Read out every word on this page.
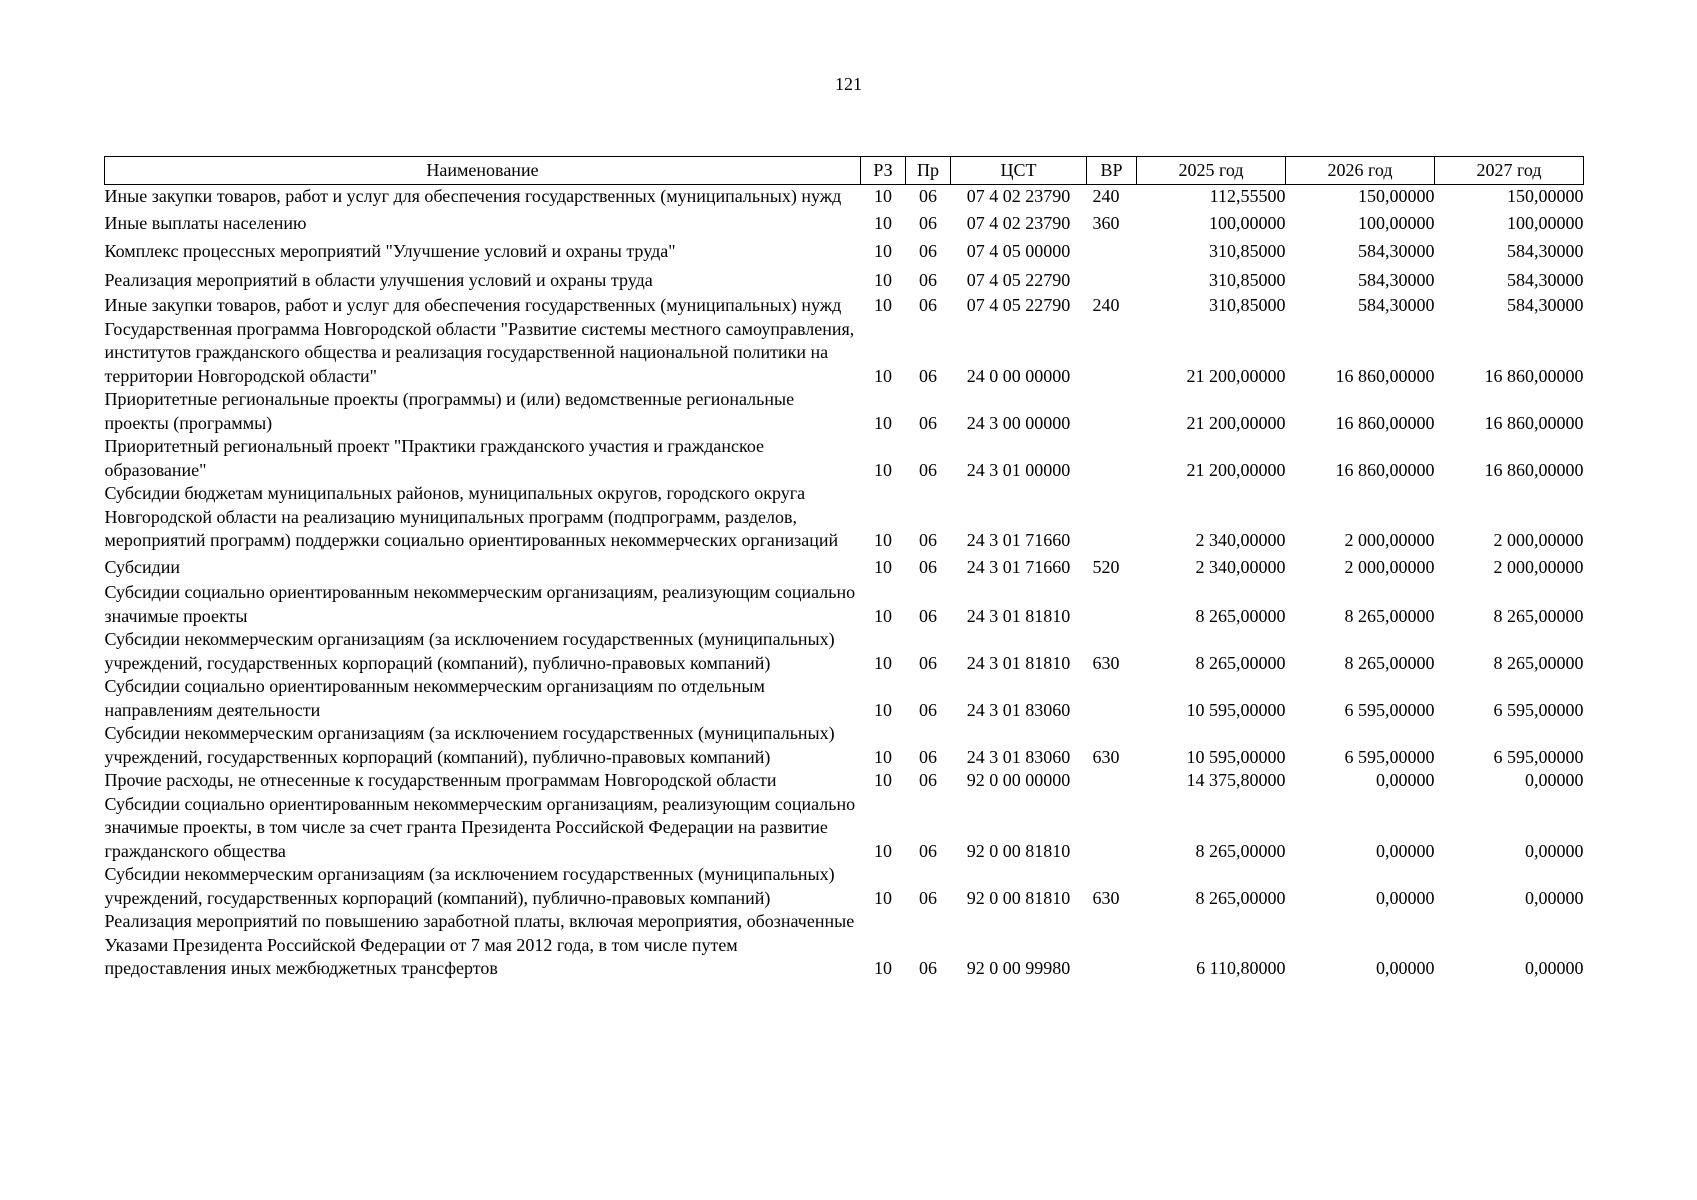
121
Наименование	РЗ	Пр	ЦСТ	ВР	2025 год	2026 год	2027 год
Иные закупки товаров, работ и услуг для обеспечения государственных (муниципальных) нужд	10	06	07 4 02 23790	240	112,55500	150,00000	150,00000
Иные выплаты населению	10	06	07 4 02 23790	360	100,00000	100,00000	100,00000
Комплекс процессных мероприятий "Улучшение условий и охраны труда"	10	06	07 4 05 00000		310,85000	584,30000	584,30000
Реализация мероприятий в области улучшения условий и охраны труда	10	06	07 4 05 22790		310,85000	584,30000	584,30000
Иные закупки товаров, работ и услуг для обеспечения государственных (муниципальных) нужд	10	06	07 4 05 22790	240	310,85000	584,30000	584,30000
Государственная программа Новгородской области "Развитие системы местного самоуправления, институтов гражданского общества и реализация государственной национальной политики на территории Новгородской области"	10	06	24 0 00 00000		21 200,00000	16 860,00000	16 860,00000
Приоритетные региональные проекты (программы) и (или) ведомственные региональные проекты (программы)	10	06	24 3 00 00000		21 200,00000	16 860,00000	16 860,00000
Приоритетный региональный проект "Практики гражданского участия и гражданское образование"	10	06	24 3 01 00000		21 200,00000	16 860,00000	16 860,00000
Субсидии бюджетам муниципальных районов, муниципальных округов, городского округа Новгородской области на реализацию муниципальных программ (подпрограмм, разделов, мероприятий программ) поддержки социально ориентированных некоммерческих организаций	10	06	24 3 01 71660		2 340,00000	2 000,00000	2 000,00000
Субсидии	10	06	24 3 01 71660	520	2 340,00000	2 000,00000	2 000,00000
Субсидии социально ориентированным некоммерческим организациям, реализующим социально значимые проекты	10	06	24 3 01 81810		8 265,00000	8 265,00000	8 265,00000
Субсидии некоммерческим организациям (за исключением государственных (муниципальных) учреждений, государственных корпораций (компаний), публично-правовых компаний)	10	06	24 3 01 81810	630	8 265,00000	8 265,00000	8 265,00000
Субсидии социально ориентированным некоммерческим организациям по отдельным направлениям деятельности	10	06	24 3 01 83060		10 595,00000	6 595,00000	6 595,00000
Субсидии некоммерческим организациям (за исключением государственных (муниципальных) учреждений, государственных корпораций (компаний), публично-правовых компаний)	10	06	24 3 01 83060	630	10 595,00000	6 595,00000	6 595,00000
Прочие расходы, не отнесенные к государственным программам Новгородской области	10	06	92 0 00 00000		14 375,80000	0,00000	0,00000
Субсидии социально ориентированным некоммерческим организациям, реализующим социально значимые проекты, в том числе за счет гранта Президента Российской Федерации на развитие гражданского общества	10	06	92 0 00 81810		8 265,00000	0,00000	0,00000
Субсидии некоммерческим организациям (за исключением государственных (муниципальных) учреждений, государственных корпораций (компаний), публично-правовых компаний)	10	06	92 0 00 81810	630	8 265,00000	0,00000	0,00000
Реализация мероприятий по повышению заработной платы, включая мероприятия, обозначенные Указами Президента Российской Федерации от 7 мая 2012 года, в том числе путем предоставления иных межбюджетных трансфертов	10	06	92 0 00 99980		6 110,80000	0,00000	0,00000
